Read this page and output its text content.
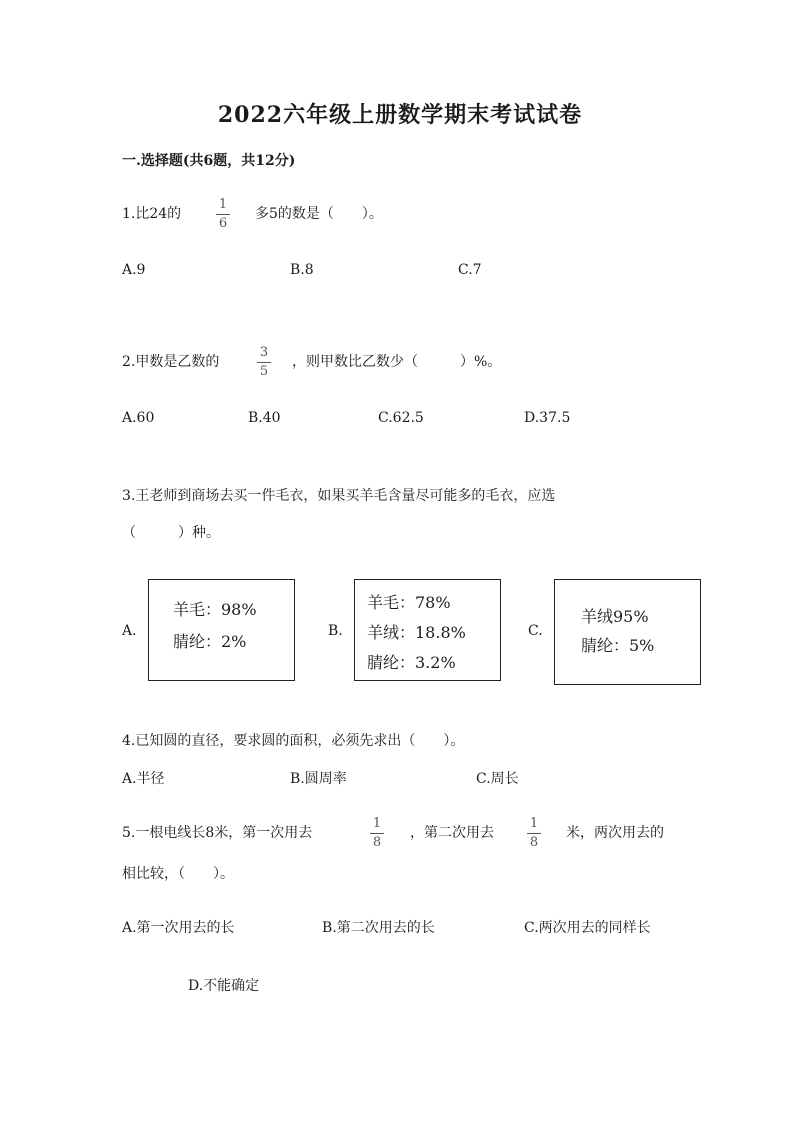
2022六年级上册数学期末考试试卷
一.选择题(共6题，共12分)
1.比24的
1
6
多5的数是（　　）。
A.9	B.8	C.7
2.甲数是乙数的
3
5
，则甲数比乙数少（　　　）%。
A.60	B.40	C.62.5	D.37.5
3.王老师到商场去买一件毛衣，如果买羊毛含量尽可能多的毛衣，应选
（　　　）种。
A.
羊毛：98%
腈纶：2%
B.
羊毛：78%
羊绒：18.8%
腈纶：3.2%
C.
羊绒95%
腈纶：5%
4.已知圆的直径，要求圆的面积，必须先求出（　　）。
A.半径	B.圆周率	C.周长
5.一根电线长8米，第一次用去
1
8
，第二次用去
1
8
米，两次用去的
相比较，（　　）。
A.第一次用去的长	B.第二次用去的长	C.两次用去的同样长
D.不能确定
